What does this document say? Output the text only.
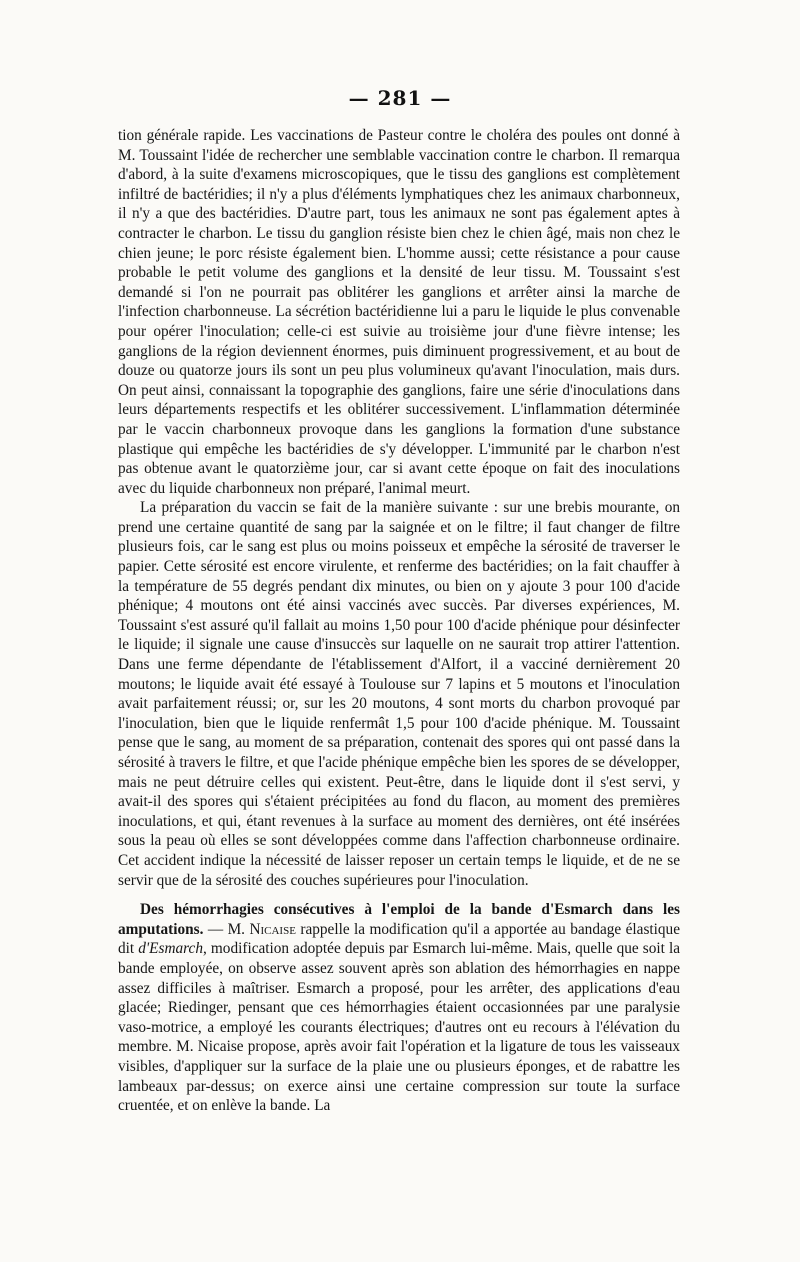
— 281 —

tion générale rapide. Les vaccinations de Pasteur contre le choléra des poules ont donné à M. Toussaint l'idée de rechercher une semblable vaccination contre le charbon. Il remarqua d'abord, à la suite d'examens microscopiques, que le tissu des ganglions est complètement infiltré de bactéridies; il n'y a plus d'éléments lymphatiques chez les animaux charbonneux, il n'y a que des bactéridies. D'autre part, tous les animaux ne sont pas également aptes à contracter le charbon. Le tissu du ganglion résiste bien chez le chien âgé, mais non chez le chien jeune; le porc résiste également bien. L'homme aussi; cette résistance a pour cause probable le petit volume des ganglions et la densité de leur tissu. M. Toussaint s'est demandé si l'on ne pourrait pas oblitérer les ganglions et arrêter ainsi la marche de l'infection charbonneuse. La sécrétion bactéridienne lui a paru le liquide le plus convenable pour opérer l'inoculation; celle-ci est suivie au troisième jour d'une fièvre intense; les ganglions de la région deviennent énormes, puis diminuent progressivement, et au bout de douze ou quatorze jours ils sont un peu plus volumineux qu'avant l'inoculation, mais durs. On peut ainsi, connaissant la topographie des ganglions, faire une série d'inoculations dans leurs départements respectifs et les oblitérer successivement. L'inflammation déterminée par le vaccin charbonneux provoque dans les ganglions la formation d'une substance plastique qui empêche les bactéridies de s'y développer. L'immunité par le charbon n'est pas obtenue avant le quatorzième jour, car si avant cette époque on fait des inoculations avec du liquide charbonneux non préparé, l'animal meurt.

La préparation du vaccin se fait de la manière suivante : sur une brebis mourante, on prend une certaine quantité de sang par la saignée et on le filtre; il faut changer de filtre plusieurs fois, car le sang est plus ou moins poisseux et empêche la sérosité de traverser le papier. Cette sérosité est encore virulente, et renferme des bactéridies; on la fait chauffer à la température de 55 degrés pendant dix minutes, ou bien on y ajoute 3 pour 100 d'acide phénique; 4 moutons ont été ainsi vaccinés avec succès. Par diverses expériences, M. Toussaint s'est assuré qu'il fallait au moins 1,50 pour 100 d'acide phénique pour désinfecter le liquide; il signale une cause d'insuccès sur laquelle on ne saurait trop attirer l'attention. Dans une ferme dépendante de l'établissement d'Alfort, il a vacciné dernièrement 20 moutons; le liquide avait été essayé à Toulouse sur 7 lapins et 5 moutons et l'inoculation avait parfaitement réussi; or, sur les 20 moutons, 4 sont morts du charbon provoqué par l'inoculation, bien que le liquide renfermât 1,5 pour 100 d'acide phénique. M. Toussaint pense que le sang, au moment de sa préparation, contenait des spores qui ont passé dans la sérosité à travers le filtre, et que l'acide phénique empêche bien les spores de se développer, mais ne peut détruire celles qui existent. Peut-être, dans le liquide dont il s'est servi, y avait-il des spores qui s'étaient précipitées au fond du flacon, au moment des premières inoculations, et qui, étant revenues à la surface au moment des dernières, ont été insérées sous la peau où elles se sont développées comme dans l'affection charbonneuse ordinaire. Cet accident indique la nécessité de laisser reposer un certain temps le liquide, et de ne se servir que de la sérosité des couches supérieures pour l'inoculation.

Des hémorrhagies consécutives à l'emploi de la bande d'Esmarch dans les amputations. — M. Nicaise rappelle la modification qu'il a apportée au bandage élastique dit d'Esmarch, modification adoptée depuis par Esmarch lui-même. Mais, quelle que soit la bande employée, on observe assez souvent après son ablation des hémorrhagies en nappe assez difficiles à maîtriser. Esmarch a proposé, pour les arrêter, des applications d'eau glacée; Riedinger, pensant que ces hémorrhagies étaient occasionnées par une paralysie vaso-motrice, a employé les courants électriques; d'autres ont eu recours à l'élévation du membre. M. Nicaise propose, après avoir fait l'opération et la ligature de tous les vaisseaux visibles, d'appliquer sur la surface de la plaie une ou plusieurs éponges, et de rabattre les lambeaux par-dessus; on exerce ainsi une certaine compression sur toute la surface cruentée, et on enlève la bande. La
